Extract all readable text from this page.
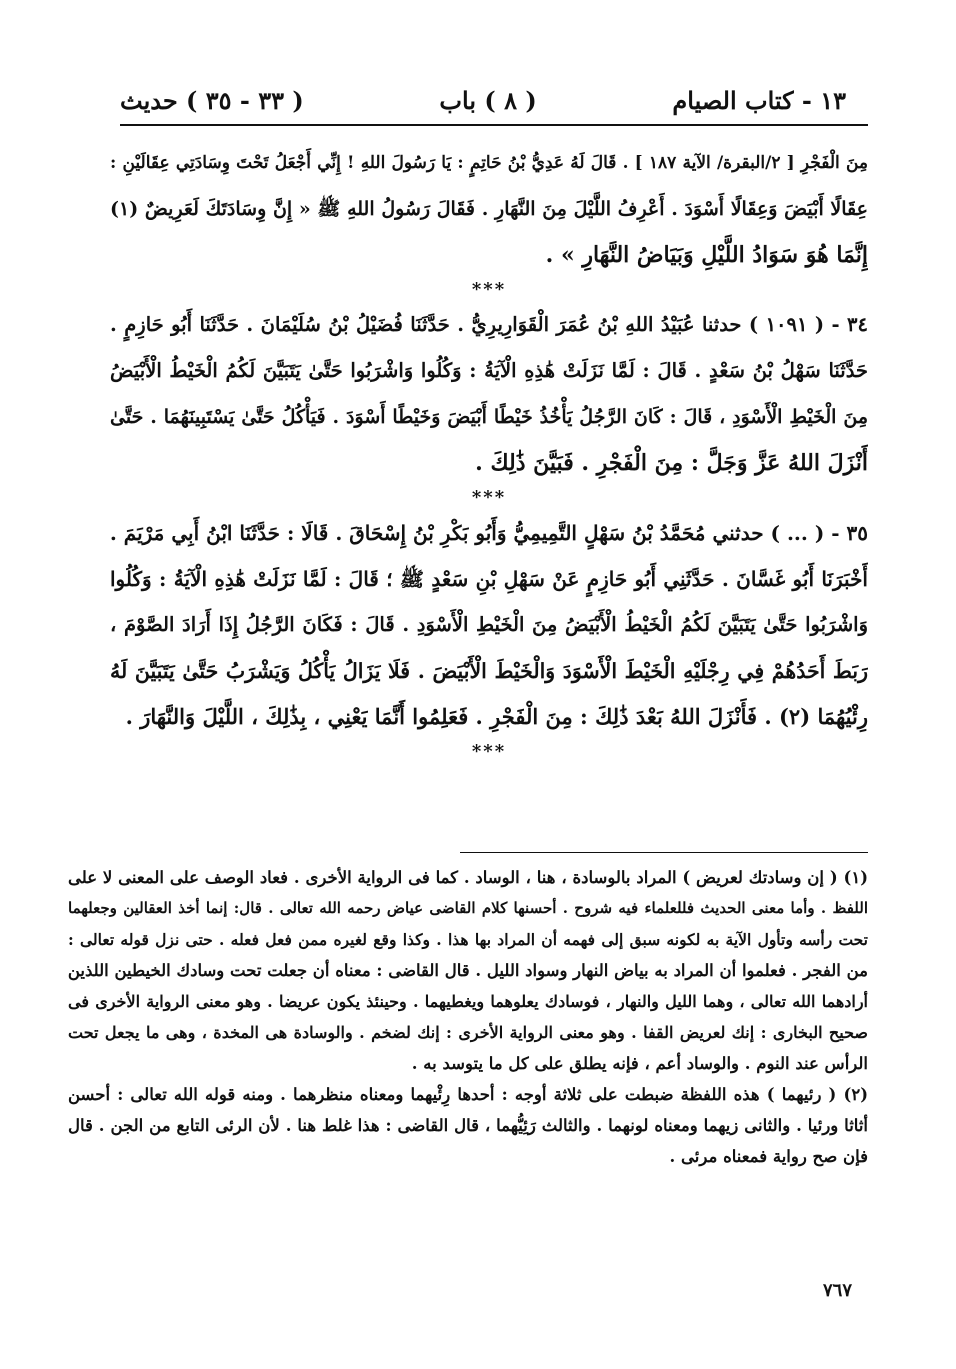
١٣ - كتاب الصيام
( ٨ ) باب
( ٣٣ - ٣٥ ) حديث
مِنَ الْفَجْرِ [ ٢/البقرة/ الآية ١٨٧ ] . قَالَ لَهُ عَدِيُّ بْنُ حَاتِمٍ : يَا رَسُولَ اللهِ ! إِنِّي أَجْعَلُ تَحْتَ وِسَادَتِي عِقَالَيْنِ :
عِقَالًا أَبْيَضَ وَعِقَالًا أَسْوَدَ . أَعْرِفُ اللَّيْلَ مِنَ النَّهَارِ . فَقَالَ رَسُولُ اللهِ ﷺ « إِنَّ وِسَادَتَكَ لَعَرِيضٌ (١)
إِنَّمَا هُوَ سَوَادُ اللَّيْلِ وَبَيَاضُ النَّهَارِ » .
***
٣٤ - ( ١٠٩١ ) حدثنا عُبَيْدُ اللهِ بْنُ عُمَرَ الْقَوَارِيرِيُّ . حَدَّثَنَا فُضَيْلُ بْنُ سُلَيْمَانَ . حَدَّثَنَا أَبُو حَازِمٍ .
حَدَّثَنَا سَهْلُ بْنُ سَعْدٍ . قَالَ : لَمَّا نَزَلَتْ هَٰذِهِ الْآيَةُ : وَكُلُوا وَاشْرَبُوا حَتَّىٰ يَتَبَيَّنَ لَكُمُ الْخَيْطُ الْأَبْيَضُ
مِنَ الْخَيْطِ الْأَسْوَدِ ، قَالَ : كَانَ الرَّجُلُ يَأْخُذُ خَيْطًا أَبْيَضَ وَخَيْطًا أَسْوَدَ . فَيَأْكُلُ حَتَّىٰ يَسْتَبِينَهُمَا . حَتَّىٰ
أَنْزَلَ اللهُ عَزَّ وَجَلَّ : مِنَ الْفَجْرِ . فَبَيَّنَ ذَٰلِكَ .
***
٣٥ - ( ... ) حدثني مُحَمَّدُ بْنُ سَهْلٍ التَّمِيمِيُّ وَأَبُو بَكْرِ بْنُ إِسْحَاقَ . قَالَا : حَدَّثَنَا ابْنُ أَبِي مَرْيَمَ .
أَخْبَرَنَا أَبُو غَسَّانَ . حَدَّثَنِي أَبُو حَازِمٍ عَنْ سَهْلِ بْنِ سَعْدٍ ﷺ ؛ قَالَ : لَمَّا نَزَلَتْ هَٰذِهِ الْآيَةُ : وَكُلُوا
وَاشْرَبُوا حَتَّىٰ يَتَبَيَّنَ لَكُمُ الْخَيْطُ الْأَبْيَضُ مِنَ الْخَيْطِ الْأَسْوَدِ . قَالَ : فَكَانَ الرَّجُلُ إِذَا أَرَادَ الصَّوْمَ ،
رَبَطَ أَحَدُهُمْ فِي رِجْلَيْهِ الْخَيْطَ الْأَسْوَدَ وَالْخَيْطَ الْأَبْيَضَ . فَلَا يَزَالُ يَأْكُلُ وَيَشْرَبُ حَتَّىٰ يَتَبَيَّنَ لَهُ
رِئْيُهُمَا (٢) . فَأَنْزَلَ اللهُ بَعْدَ ذَٰلِكَ : مِنَ الْفَجْرِ . فَعَلِمُوا أَنَّمَا يَعْنِي ، بِذَٰلِكَ ، اللَّيْلَ وَالنَّهَارَ .
***
(١) ( إن وسادتك لعريض ) المراد بالوسادة ، هنا ، الوساد . كما فى الرواية الأخرى . فعاد الوصف على المعنى لا على
اللفظ . وأما معنى الحديث فللعلماء فيه شروح . أحسنها كلام القاضى عياض رحمه الله تعالى . قال: إنما أخذ العقالين وجعلهما
تحت رأسه وتأول الآية به لكونه سبق إلى فهمه أن المراد بها هذا . وكذا وقع لغيره ممن فعل فعله . حتى نزل قوله تعالى :
من الفجر . فعلموا أن المراد به بياض النهار وسواد الليل . قال القاضى : معناه أن جعلت تحت وسادك الخيطين اللذين
أرادهما الله تعالى ، وهما الليل والنهار ، فوسادك يعلوهما ويغطيهما . وحينئذ يكون عريضا . وهو معنى الرواية الأخرى فى
صحيح البخارى : إنك لعريض القفا . وهو معنى الرواية الأخرى : إنك لضخم . والوسادة هى المخدة ، وهى ما يجعل تحت
الرأس عند النوم . والوساد أعم ، فإنه يطلق على كل ما يتوسد به .
(٢) ( رئيهما ) هذه اللفظة ضبطت على ثلاثة أوجه : أحدها رِئْيهما ومعناه منظرهما . ومنه قوله الله تعالى : أحسن
أثاثا ورئيا . والثانى زيهما ومعناه لونهما . والثالث رَئِيُّهما ، قال القاضى : هذا غلط هنا . لأن الرئى التابع من الجن . قال
فإن صح رواية فمعناه مرئى .
٧٦٧
